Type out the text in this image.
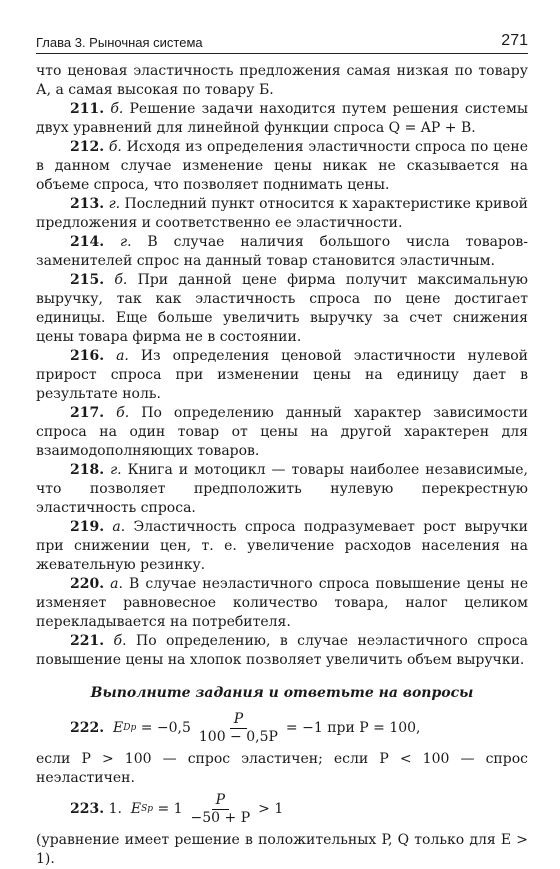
Глава 3. Рыночная система	271

что ценовая эластичность предложения самая низкая по товару А, а самая высокая по товару Б.

211. б. Решение задачи находится путем решения системы двух уравнений для линейной функции спроса Q = AP + B.

212. б. Исходя из определения эластичности спроса по цене в данном случае изменение цены никак не сказывается на объеме спроса, что позволяет поднимать цены.

213. г. Последний пункт относится к характеристике кривой предложения и соответственно ее эластичности.

214. г. В случае наличия большого числа товаров-заменителей спрос на данный товар становится эластичным.

215. б. При данной цене фирма получит максимальную выручку, так как эластичность спроса по цене достигает единицы. Еще больше увеличить выручку за счет снижения цены товара фирма не в состоянии.

216. а. Из определения ценовой эластичности нулевой прирост спроса при изменении цены на единицу дает в результате ноль.

217. б. По определению данный характер зависимости спроса на один товар от цены на другой характерен для взаимодополняющих товаров.

218. г. Книга и мотоцикл — товары наиболее независимые, что позволяет предположить нулевую перекрестную эластичность спроса.

219. а. Эластичность спроса подразумевает рост выручки при снижении цен, т. е. увеличение расходов населения на жевательную резинку.

220. а. В случае неэластичного спроса повышение цены не изменяет равновесное количество товара, налог целиком перекладывается на потребителя.

221. б. По определению, в случае неэластичного спроса повышение цены на хлопок позволяет увеличить объем выручки.

Выполните задания и ответьте на вопросы
222.
E Dp
= $-0,5 \frac{P}{100 - 0,5P} = -1$ при P = 100,

если P > 100 — спрос эластичен; если P < 100 — спрос неэластичен.

223.
1.
E Sp
= $1 \frac{P}{-50 + P} > 1$

(уравнение имеет решение в положительных P, Q только для E > 1).
